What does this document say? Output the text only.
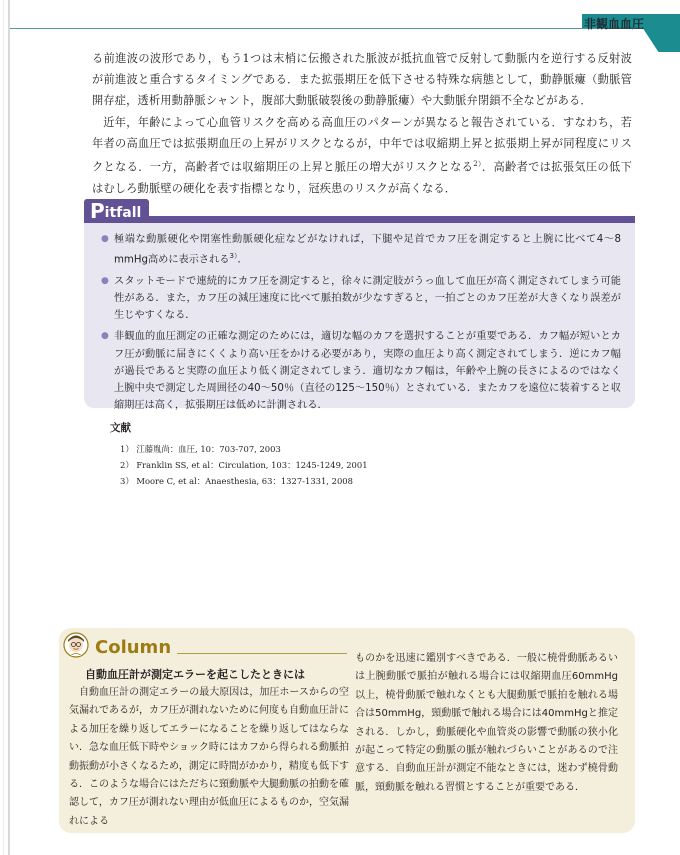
非観血血圧

る前進波の波形であり，もう1つは末梢に伝搬された脈波が抵抗血管で反射して動脈内を逆行する反射波が前進波と重合するタイミングである．また拡張期圧を低下させる特殊な病態として，動静脈瘻（動脈管開存症，透析用動静脈シャント，腹部大動脈破裂後の動静脈瘻）や大動脈弁閉鎖不全などがある．

近年，年齢によって心血管リスクを高める高血圧のパターンが異なると報告されている．すなわち，若年者の高血圧では拡張期血圧の上昇がリスクとなるが，中年では収縮期上昇と拡張期上昇が同程度にリスクとなる．一方，高齢者では収縮期圧の上昇と脈圧の増大がリスクとなる$^{2)}$．高齢者では拡張気圧の低下はむしろ動脈壁の硬化を表す指標となり，冠疾患のリスクが高くなる．

Pitfall
● 極端な動脈硬化や閉塞性動脈硬化症などがなければ，下腿や足首でカフ圧を測定すると上腕に比べて4〜8 mmHg高めに表示される$^{3)}$．
● スタットモードで連続的にカフ圧を測定すると，徐々に測定肢がうっ血して血圧が高く測定されてしまう可能性がある．また，カフ圧の減圧速度に比べて脈拍数が少なすぎると，一拍ごとのカフ圧差が大きくなり誤差が生じやすくなる．
● 非観血的血圧測定の正確な測定のためには，適切な幅のカフを選択することが重要である．カフ幅が短いとカフ圧が動脈に届きにくくより高い圧をかける必要があり，実際の血圧より高く測定されてしまう．逆にカフ幅が過長であると実際の血圧より低く測定されてしまう．適切なカフ幅は，年齢や上腕の長さによるのではなく上腕中央で測定した周囲径の40〜50％（直径の125〜150％）とされている．またカフを遠位に装着すると収縮期圧は高く，拡張期圧は低めに計測される．
文献
1） 江藤胤尚：血圧, 10：703-707, 2003
2） Franklin SS, et al：Circulation, 103：1245-1249, 2001
3） Moore C, et al：Anaesthesia, 63：1327-1331, 2008
Column
自動血圧計が測定エラーを起こしたときには

自動血圧計の測定エラーの最大原因は，加圧ホースからの空気漏れであるが，カフ圧が測れないために何度も自動血圧計による加圧を繰り返してエラーになることを繰り返してはならない．急な血圧低下時やショック時にはカフから得られる動脈拍動振動が小さくなるため，測定に時間がかかり，精度も低下する．このような場合にはただちに頸動脈や大腿動脈の拍動を確認して，カフ圧が測れない理由が低血圧によるものか，空気漏れによる

ものかを迅速に鑑別すべきである．一般に橈骨動脈あるいは上腕動脈で脈拍が触れる場合には収縮期血圧60mmHg以上，橈骨動脈で触れなくとも大腿動脈で脈拍を触れる場合は50mmHg，頸動脈で触れる場合には40mmHgと推定される．しかし，動脈硬化や血管炎の影響で動脈の狭小化が起こって特定の動脈の脈が触れづらいことがあるので注意する．自動血圧計が測定不能なときには，迷わず橈骨動脈，頸動脈を触れる習慣とすることが重要である．
